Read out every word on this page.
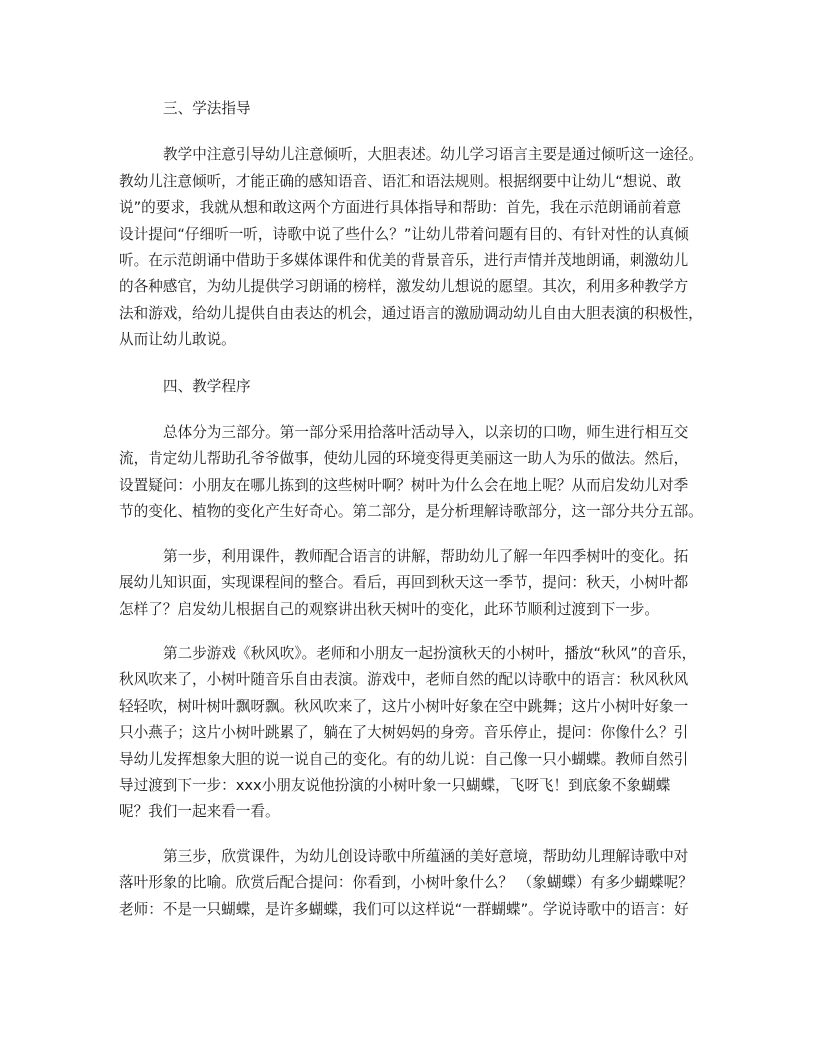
三、学法指导

教学中注意引导幼儿注意倾听，大胆表述。幼儿学习语言主要是通过倾听这一途径。
教幼儿注意倾听，才能正确的感知语音、语汇和语法规则。根据纲要中让幼儿“想说、敢
说”的要求，我就从想和敢这两个方面进行具体指导和帮助：首先，我在示范朗诵前着意
设计提问“仔细听一听，诗歌中说了些什么？”让幼儿带着问题有目的、有针对性的认真倾
听。在示范朗诵中借助于多媒体课件和优美的背景音乐，进行声情并茂地朗诵，刺激幼儿
的各种感官，为幼儿提供学习朗诵的榜样，激发幼儿想说的愿望。其次，利用多种教学方
法和游戏，给幼儿提供自由表达的机会，通过语言的激励调动幼儿自由大胆表演的积极性，
从而让幼儿敢说。

四、教学程序

总体分为三部分。第一部分采用拾落叶活动导入，以亲切的口吻，师生进行相互交
流，肯定幼儿帮助孔爷爷做事，使幼儿园的环境变得更美丽这一助人为乐的做法。然后，
设置疑问：小朋友在哪儿拣到的这些树叶啊？树叶为什么会在地上呢？从而启发幼儿对季
节的变化、植物的变化产生好奇心。第二部分，是分析理解诗歌部分，这一部分共分五部。

第一步，利用课件，教师配合语言的讲解，帮助幼儿了解一年四季树叶的变化。拓
展幼儿知识面，实现课程间的整合。看后，再回到秋天这一季节，提问：秋天，小树叶都
怎样了？启发幼儿根据自己的观察讲出秋天树叶的变化，此环节顺利过渡到下一步。

第二步游戏《秋风吹》。老师和小朋友一起扮演秋天的小树叶，播放“秋风”的音乐，
秋风吹来了，小树叶随音乐自由表演。游戏中，老师自然的配以诗歌中的语言：秋风秋风
轻轻吹，树叶树叶飘呀飘。秋风吹来了，这片小树叶好象在空中跳舞；这片小树叶好象一
只小燕子；这片小树叶跳累了，躺在了大树妈妈的身旁。音乐停止，提问：你像什么？引
导幼儿发挥想象大胆的说一说自己的变化。有的幼儿说：自己像一只小蝴蝶。教师自然引
导过渡到下一步：xxx小朋友说他扮演的小树叶象一只蝴蝶，飞呀飞！到底象不象蝴蝶
呢？我们一起来看一看。

第三步，欣赏课件，为幼儿创设诗歌中所蕴涵的美好意境，帮助幼儿理解诗歌中对
落叶形象的比喻。欣赏后配合提问：你看到，小树叶象什么？ （象蝴蝶）有多少蝴蝶呢？
老师：不是一只蝴蝶，是许多蝴蝶，我们可以这样说“一群蝴蝶”。学说诗歌中的语言：好
